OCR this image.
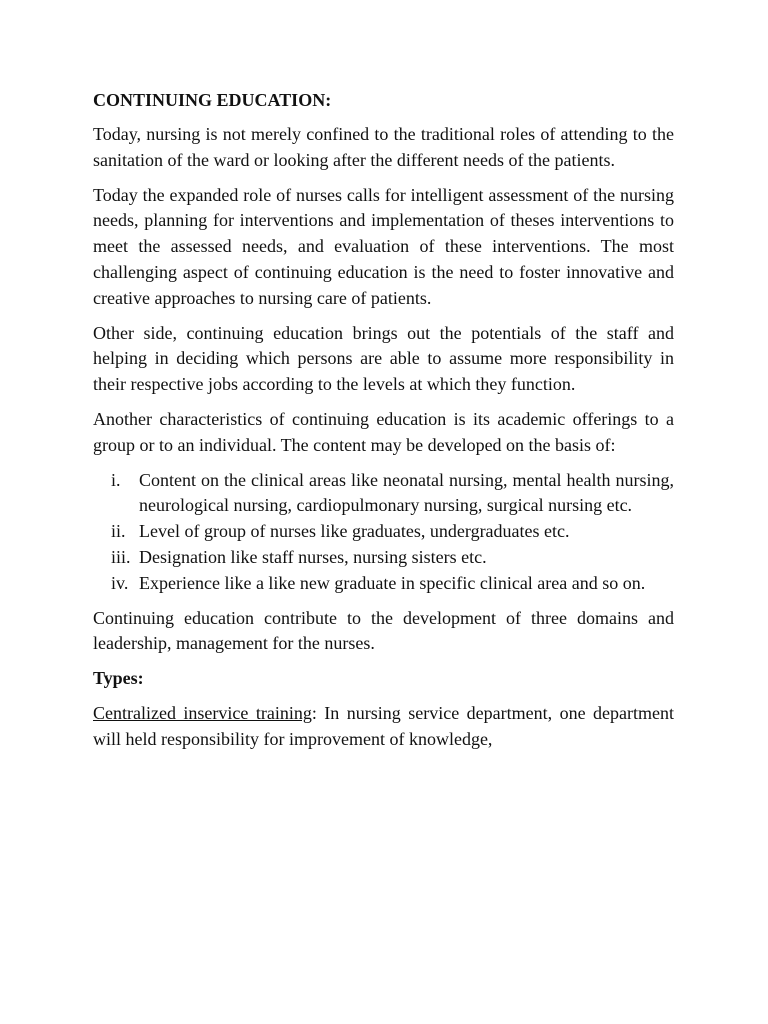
CONTINUING EDUCATION:

Today, nursing is not merely confined to the traditional roles of attending to the sanitation of the ward or looking after the different needs of the patients.

Today the expanded role of nurses calls for intelligent assessment of the nursing needs, planning for interventions and implementation of theses interventions to meet the assessed needs, and evaluation of these interventions. The most challenging aspect of continuing education is the need to foster innovative and creative approaches to nursing care of patients.

Other side, continuing education brings out the potentials of the staff and helping in deciding which persons are able to assume more responsibility in their respective jobs according to the levels at which they function.

Another characteristics of continuing education is its academic offerings to a group or to an individual. The content may be developed on the basis of:

i.	Content on the clinical areas like neonatal nursing, mental health nursing, neurological nursing, cardiopulmonary nursing, surgical nursing etc.
ii. Level of group of nurses like graduates, undergraduates etc.
iii. Designation like staff nurses, nursing sisters etc.
iv. Experience like a like new graduate in specific clinical area and so on.

Continuing education contribute to the development of three domains and leadership, management for the nurses.

Types:

Centralized inservice training: In nursing service department, one department will held responsibility for improvement of knowledge,
